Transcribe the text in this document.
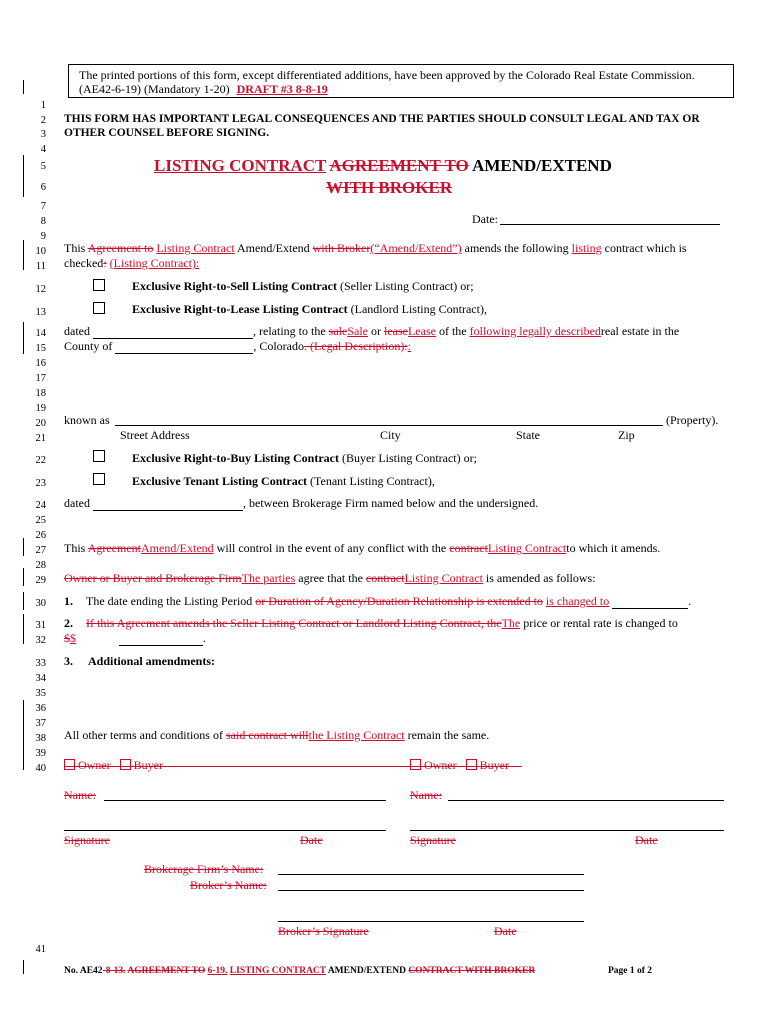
The printed portions of this form, except differentiated additions, have been approved by the Colorado Real Estate Commission.
(AE42-6-19) (Mandatory 1-20) DRAFT #3 8-8-19
1
2
3
4
5
6
7
8
9
10
11
12
13
14
15
16
17
18
19
20
21
22
23
24
25
26
27
28
29
30
31
32
33
34
35
36
37
38
39
40
41
THIS FORM HAS IMPORTANT LEGAL CONSEQUENCES AND THE PARTIES SHOULD CONSULT LEGAL AND TAX OR
OTHER COUNSEL BEFORE SIGNING.
LISTING CONTRACT AGREEMENT TO AMEND/EXTEND
WITH BROKER
Date:
This Agreement to Listing Contract Amend/Extend with Broker(“Amend/Extend”) amends the following listing contract which is
checked: (Listing Contract):
Exclusive Right-to-Sell Listing Contract (Seller Listing Contract) or;
Exclusive Right-to-Lease Listing Contract (Landlord Listing Contract),
dated	, relating to the saleSale or leaseLease of the following legally describedreal estate in the
County of	, Colorado. (Legal Description)::
known as	(Property).
Street Address	City	State	Zip
Exclusive Right-to-Buy Listing Contract (Buyer Listing Contract) or;
Exclusive Tenant Listing Contract (Tenant Listing Contract),
dated	, between Brokerage Firm named below and the undersigned.
This AgreementAmend/Extend will control in the event of any conflict with the contractListing Contractto which it amends.
Owner or Buyer and Brokerage FirmThe parties agree that the contractListing Contract is amended as follows:
1. The date ending the Listing Period or Duration of Agency/Duration Relationship is extended to is changed to	.
2. If this Agreement amends the Seller Listing Contract or Landlord Listing Contract, theThe price or rental rate is changed to
$$	.
3. Additional amendments:
All other terms and conditions of said contract willthe Listing Contract remain the same.
Owner Buyer	Owner Buyer
Name:	Name:
Signature	Date	Signature	Date
Brokerage Firm’s Name:
Broker’s Name:
Broker’s Signature	Date
No. AE42-8-13. AGREEMENT TO 6-19. LISTING CONTRACT AMEND/EXTEND CONTRACT WITH BROKER	Page 1 of 2
